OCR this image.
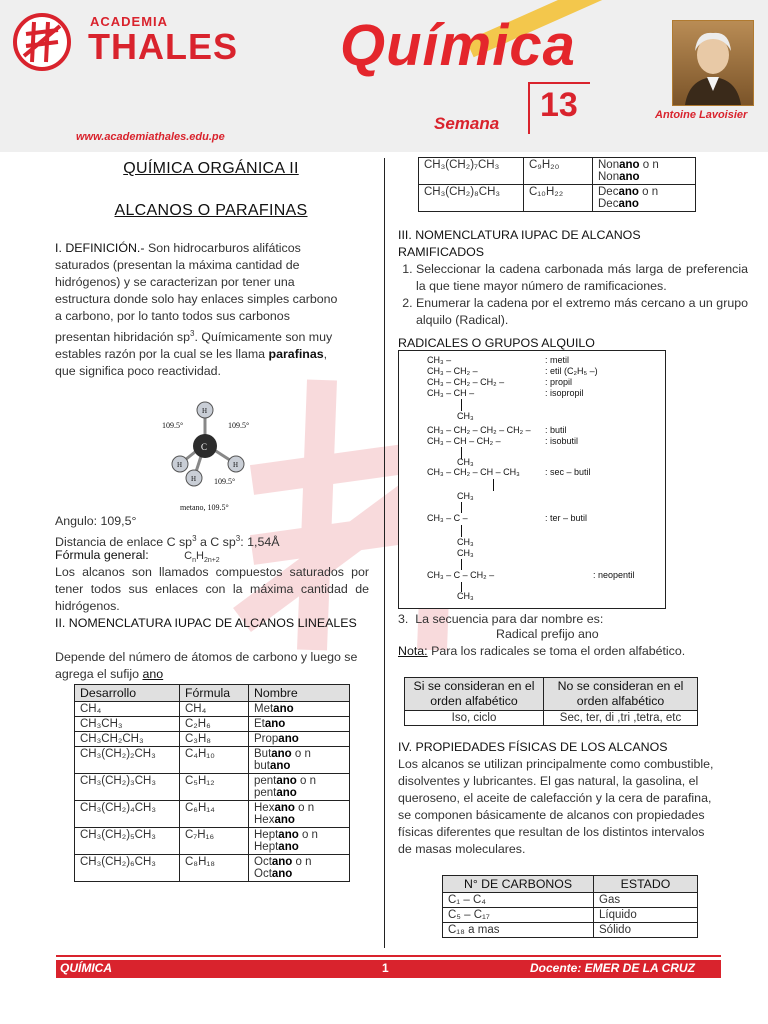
ACADEMIA
THALES
www.academiathales.edu.pe
Química
Semana 13	Antoine Lavoisier
QUÍMICA ORGÁNICA II
ALCANOS O PARAFINAS
I. DEFINICIÓN.- Son hidrocarburos alifáticos saturados (presentan la máxima cantidad de hidrógenos) y se caracterizan por tener una estructura donde solo hay enlaces simples carbono a carbono, por lo tanto todos sus carbonos presentan hibridación $sp^3$. Químicamente son muy estables razón por la cual se les llama parafinas, que significa poco reactividad.
C
H
H	H
H
109.5°	109.5°
109.5°
metano, 109.5°
Angulo: 109,5°
Distancia de enlace C $sp^3$ a C $sp^3$: 1,54Å
Fórmula general:	$C_nH_{2n+2}$
Los alcanos son llamados compuestos saturados por tener todos sus enlaces con la máxima cantidad de hidrógenos.
II. NOMENCLATURA IUPAC DE ALCANOS LINEALES
Depende del número de átomos de carbono y luego se agrega el sufijo ano
Desarrollo	Fórmula	Nombre
CH₄	CH₄	Metano
CH₃CH₃	C₂H₆	Etano
CH₃CH₂CH₃	C₃H₈	Propano
CH₃(CH₂)₂CH₃	C₄H₁₀	Butano o n
butano
CH₃(CH₂)₃CH₃	C₅H₁₂	pentano o n
pentano
CH₃(CH₂)₄CH₃	C₆H₁₄	Hexano o n
Hexano
CH₃(CH₂)₅CH₃	C₇H₁₆	Heptano o n
Heptano
CH₃(CH₂)₆CH₃	C₈H₁₈	Octano o n
Octano
CH₃(CH₂)₇CH₃	C₉H₂₀	Nonano o n
Nonano
CH₃(CH₂)₈CH₃	C₁₀H₂₂	Decano o n
Decano
III. NOMENCLATURA IUPAC DE ALCANOS RAMIFICADOS
1. Seleccionar la cadena carbonada más larga de preferencia la que tiene mayor número de ramificaciones.
2. Enumerar la cadena por el extremo más cercano a un grupo alquilo (Radical).
RADICALES O GRUPOS ALQUILO
CH₃ –	: metil
CH₃ – CH₂ –	: etil (C₂H₅ –)
CH₃ – CH₂ – CH₂ –	: propil
CH₃ – CH –	: isopropil
CH₃ – CH₂ – CH₂ – CH₂ – : butil
CH₃ – CH – CH₂ –	: isobutil
CH₃ – CH₂ – CH – CH₃	: sec – butil
CH₃ – C –	: ter – butil
CH₃ – C – CH₂ –	: neopentil
CH₃
CH₃
CH₃
CH₃
CH₃
CH₃
3.  La secuencia para dar nombre es:
Radical prefijo ano
Nota: Para los radicales se toma el orden alfabético.
Si se consideran en el orden alfabético	No se consideran en el orden alfabético
Iso, ciclo	Sec, ter, di ,tri ,tetra, etc
IV. PROPIEDADES FÍSICAS DE LOS ALCANOS
Los alcanos se utilizan principalmente como combustible, disolventes y lubricantes. El gas natural, la gasolina, el queroseno, el aceite de calefacción y la cera de parafina, se componen básicamente de alcanos con propiedades físicas diferentes que resultan de los distintos intervalos de masas moleculares.
N° DE CARBONOS	ESTADO
C₁ – C₄	Gas
C₅ – C₁₇	Líquido
C₁₈ a mas	Sólido
QUÍMICA	1	Docente: EMER DE LA CRUZ
